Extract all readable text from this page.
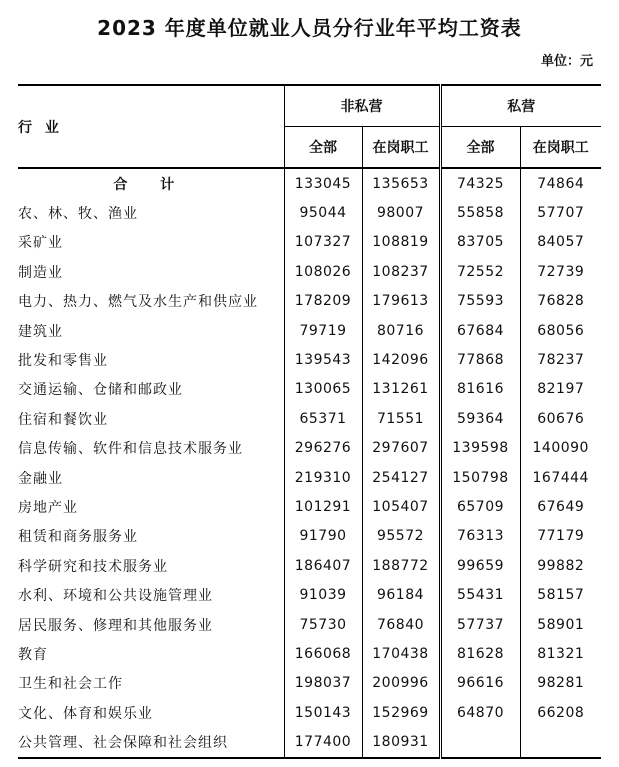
2023 年度单位就业人员分行业年平均工资表
单位：元
行 业	非私营		私营	
	全部	在岗职工	全部	在岗职工
合 计	133045	135653	74325	74864
农、林、牧、渔业	95044	98007	55858	57707
采矿业	107327	108819	83705	84057
制造业	108026	108237	72552	72739
电力、热力、燃气及水生产和供应业	178209	179613	75593	76828
建筑业	79719	80716	67684	68056
批发和零售业	139543	142096	77868	78237
交通运输、仓储和邮政业	130065	131261	81616	82197
住宿和餐饮业	65371	71551	59364	60676
信息传输、软件和信息技术服务业	296276	297607	139598	140090
金融业	219310	254127	150798	167444
房地产业	101291	105407	65709	67649
租赁和商务服务业	91790	95572	76313	77179
科学研究和技术服务业	186407	188772	99659	99882
水利、环境和公共设施管理业	91039	96184	55431	58157
居民服务、修理和其他服务业	75730	76840	57737	58901
教育	166068	170438	81628	81321
卫生和社会工作	198037	200996	96616	98281
文化、体育和娱乐业	150143	152969	64870	66208
公共管理、社会保障和社会组织	177400	180931		
